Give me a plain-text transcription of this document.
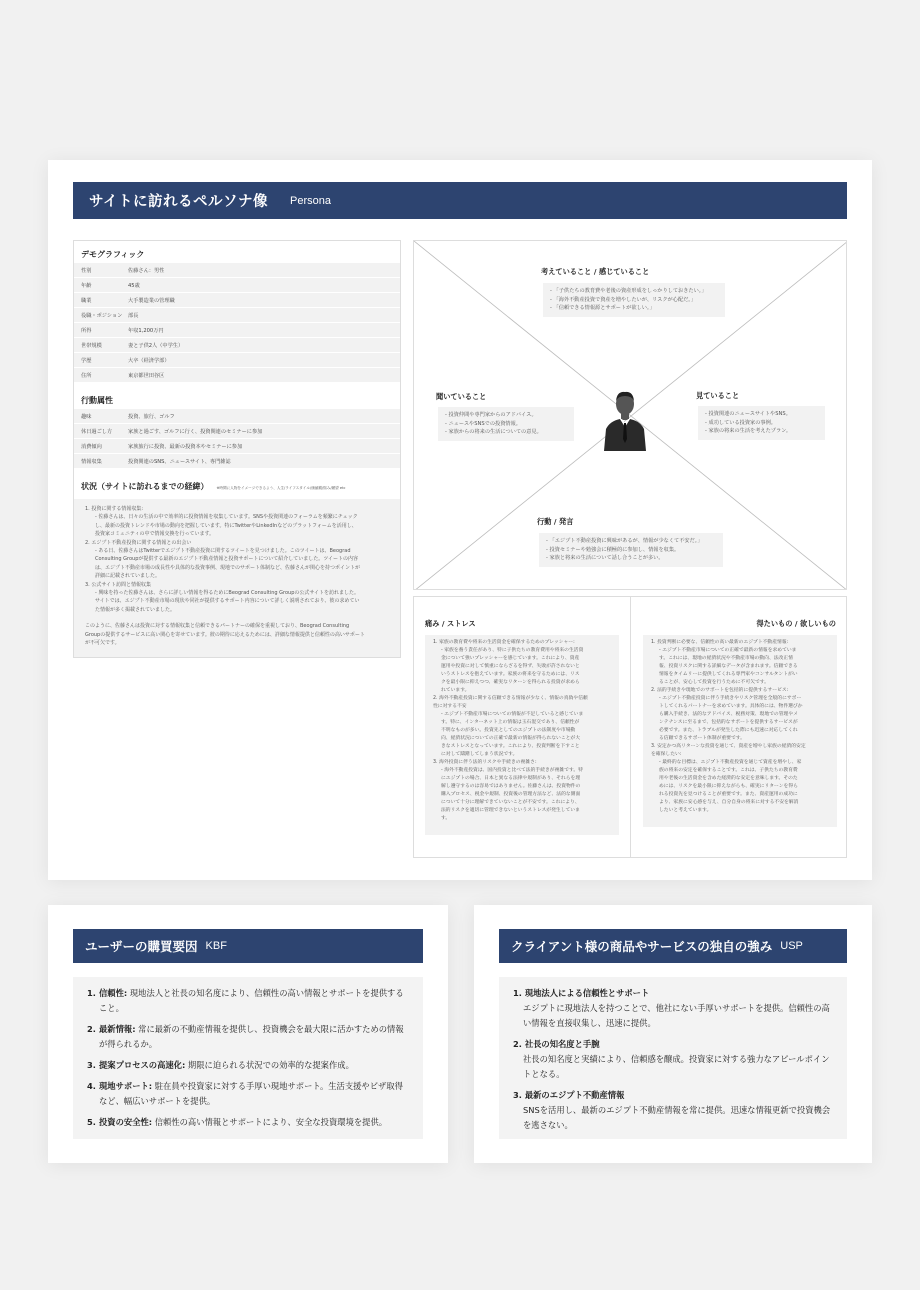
サイトに訪れるペルソナ像 Persona
デモグラフィック
性別	佐藤さん：男性
年齢	45歳
職業	大手製造業の管理職
役職・ポジション	部長
所得	年収1,200万円
世帯規模	妻と子供2人（中学生）
学歴	大卒（経済学部）
住所	東京都世田谷区
行動属性
趣味	投資、旅行、ゴルフ
休日過ごし方	家族と過ごす、ゴルフに行く、投資関連のセミナーに参加
消費傾向	家族旅行に投資、最新の投資本やセミナーに参加
情報収集	投資関連のSNS、ニュースサイト、専門雑誌
状況（サイトに訪れるまでの経緯） ※時間に人物をイメージできるよう、人生/ライフスタイル/価値観/悩み/願望 etc
1. 投資に関する情報収集:
- 佐藤さんは、日々の生活の中で効率的に投資情報を収集しています。SNSや投資関連のフォーラムを頻繁にチェック
し、最新の投資トレンドや市場の動向を把握しています。特にTwitterやLinkedInなどのプラットフォームを活用し、
投資家コミュニティの中で情報交換を行っています。
2. エジプト不動産投資に関する情報との出会い
- ある日、佐藤さんはTwitterでエジプト不動産投資に関するツイートを見つけました。このツイートは、Beograd
Consulting Groupが提供する最新のエジプト不動産情報と投資サポートについて紹介していました。ツイートの内容
は、エジプト不動産市場の成長性や具体的な投資事例、現地でのサポート体制など、佐藤さんが関心を持つポイントが
詳細に記載されていました。
3. 公式サイト訪問と情報収集
- 興味を持った佐藤さんは、さらに詳しい情報を得るためにBeograd Consulting Groupの公式サイトを訪れました。
サイトでは、エジプト不動産市場の現状や同社が提供するサポート内容について詳しく説明されており、彼の求めてい
た情報が多く掲載されていました。
このように、佐藤さんは投資に対する情報収集と信頼できるパートナーの確保を重視しており、Beograd Consulting
Groupの提供するサービスに高い関心を寄せています。彼の期待に応えるためには、詳細な情報提供と信頼性の高いサポート
が不可欠です。
考えていること / 感じていること
- 「子供たちの教育費や老後の資産形成をしっかりしておきたい。」
- 「海外不動産投資で資産を増やしたいが、リスクが心配だ。」
- 「信頼できる情報源とサポートが欲しい。」
聞いていること
- 投資仲間や専門家からのアドバイス。
- ニュースやSNSでの投資情報。
- 家族からの将来の生活についての意見。
見ていること
- 投資関連のニュースサイトやSNS。
- 成功している投資家の事例。
- 家族の将来の生活を考えたプラン。
行動 / 発言
- 「エジプト不動産投資に興味があるが、情報が少なくて不安だ。」
- 投資セミナーや勉強会に積極的に参加し、情報を収集。
- 家族と将来の生活について話し合うことが多い。
痛み / ストレス
1. 家族の教育費や将来の生活資金を確保するためのプレッシャー:
- 家族を養う責任があり、特に子供たちの教育費用や将来の生活資
金について強いプレッシャーを感じています。これにより、資産
運用や投資に対して慎重にならざるを得ず、失敗が許されないと
いうストレスを抱えています。家族の将来を守るためには、リス
クを最小限に抑えつつ、確実なリターンを得られる投資が求めら
れています。
2. 海外不動産投資に関する信頼できる情報が少なく、情報の真偽や信頼
性に対する不安
- エジプト不動産市場についての情報が不足していると感じていま
す。特に、インターネット上の情報は玉石混交であり、信頼性が
不明なものが多い。投資先としてのエジプトの法制度や市場動
向、経済状況についての正確で最新の情報が得られないことが大
きなストレスとなっています。これにより、投資判断を下すこと
に対して躊躇してしまう状況です。
3. 海外投資に伴う法的リスクや手続きの複雑さ:
- 海外不動産投資は、国内投資と比べて法的手続きが複雑です。特
にエジプトの場合、日本と異なる法律や規制があり、それらを理
解し遵守するのは容易ではありません。佐藤さんは、投資物件の
購入プロセス、税金や規制、投資後の管理方法など、法的な側面
について十分に理解できていないことが不安です。これにより、
法的リスクを適切に管理できないというストレスが発生していま
す。
得たいもの / 欲しいもの
1. 投資判断に必要な、信頼性の高い最新のエジプト不動産情報:
- エジプト不動産市場についての正確で最新の情報を求めていま
す。これには、現地の経済状況や不動産市場の動向、法改正情
報、投資リスクに関する詳細なデータが含まれます。信頼できる
情報をタイムリーに提供してくれる専門家やコンサルタントがい
ることが、安心して投資を行うために不可欠です。
2. 法的手続きや現地でのサポートを包括的に提供するサービス:
- エジプト不動産投資に伴う手続きやリスク管理を全般的にサポー
トしてくれるパートナーを求めています。具体的には、物件選びか
ら購入手続き、法的なアドバイス、税務対策、現地での管理やメ
ンテナンスに至るまで、包括的なサポートを提供するサービスが
必要です。また、トラブルが発生した際にも迅速に対応してくれ
る信頼できるサポート体制が重要です。
3. 安定かつ高リターンな投資を通じて、資産を増やし家族の経済的安定
を確保したい:
- 最終的な目標は、エジプト不動産投資を通じて資産を増やし、家
族の将来の安定を確保することです。これは、子供たちの教育費
用や老後の生活資金を含めた経済的な安定を意味します。そのた
めには、リスクを最小限に抑えながらも、確実にリターンを得ら
れる投資先を見つけることが重要です。また、資産運用の成功に
より、家族に安心感を与え、自分自身の将来に対する不安を解消
したいと考えています。
ユーザーの購買要因 KBF
1. 信頼性: 現地法人と社長の知名度により、信頼性の高い情報とサポートを提供すること。
2. 最新情報: 常に最新の不動産情報を提供し、投資機会を最大限に活かすための情報が得られるか。
3. 提案プロセスの高速化: 期限に迫られる状況での効率的な提案作成。
4. 現地サポート: 駐在員や投資家に対する手厚い現地サポート。生活支援やビザ取得など、幅広いサポートを提供。
5. 投資の安全性: 信頼性の高い情報とサポートにより、安全な投資環境を提供。
クライアント様の商品やサービスの独自の強み USP
1. 現地法人による信頼性とサポート
エジプトに現地法人を持つことで、他社にない手厚いサポートを提供。信頼性の高い情報を直接収集し、迅速に提供。
2. 社長の知名度と手腕
社長の知名度と実績により、信頼感を醸成。投資家に対する強力なアピールポイントとなる。
3. 最新のエジプト不動産情報
SNSを活用し、最新のエジプト不動産情報を常に提供。迅速な情報更新で投資機会を逃さない。
